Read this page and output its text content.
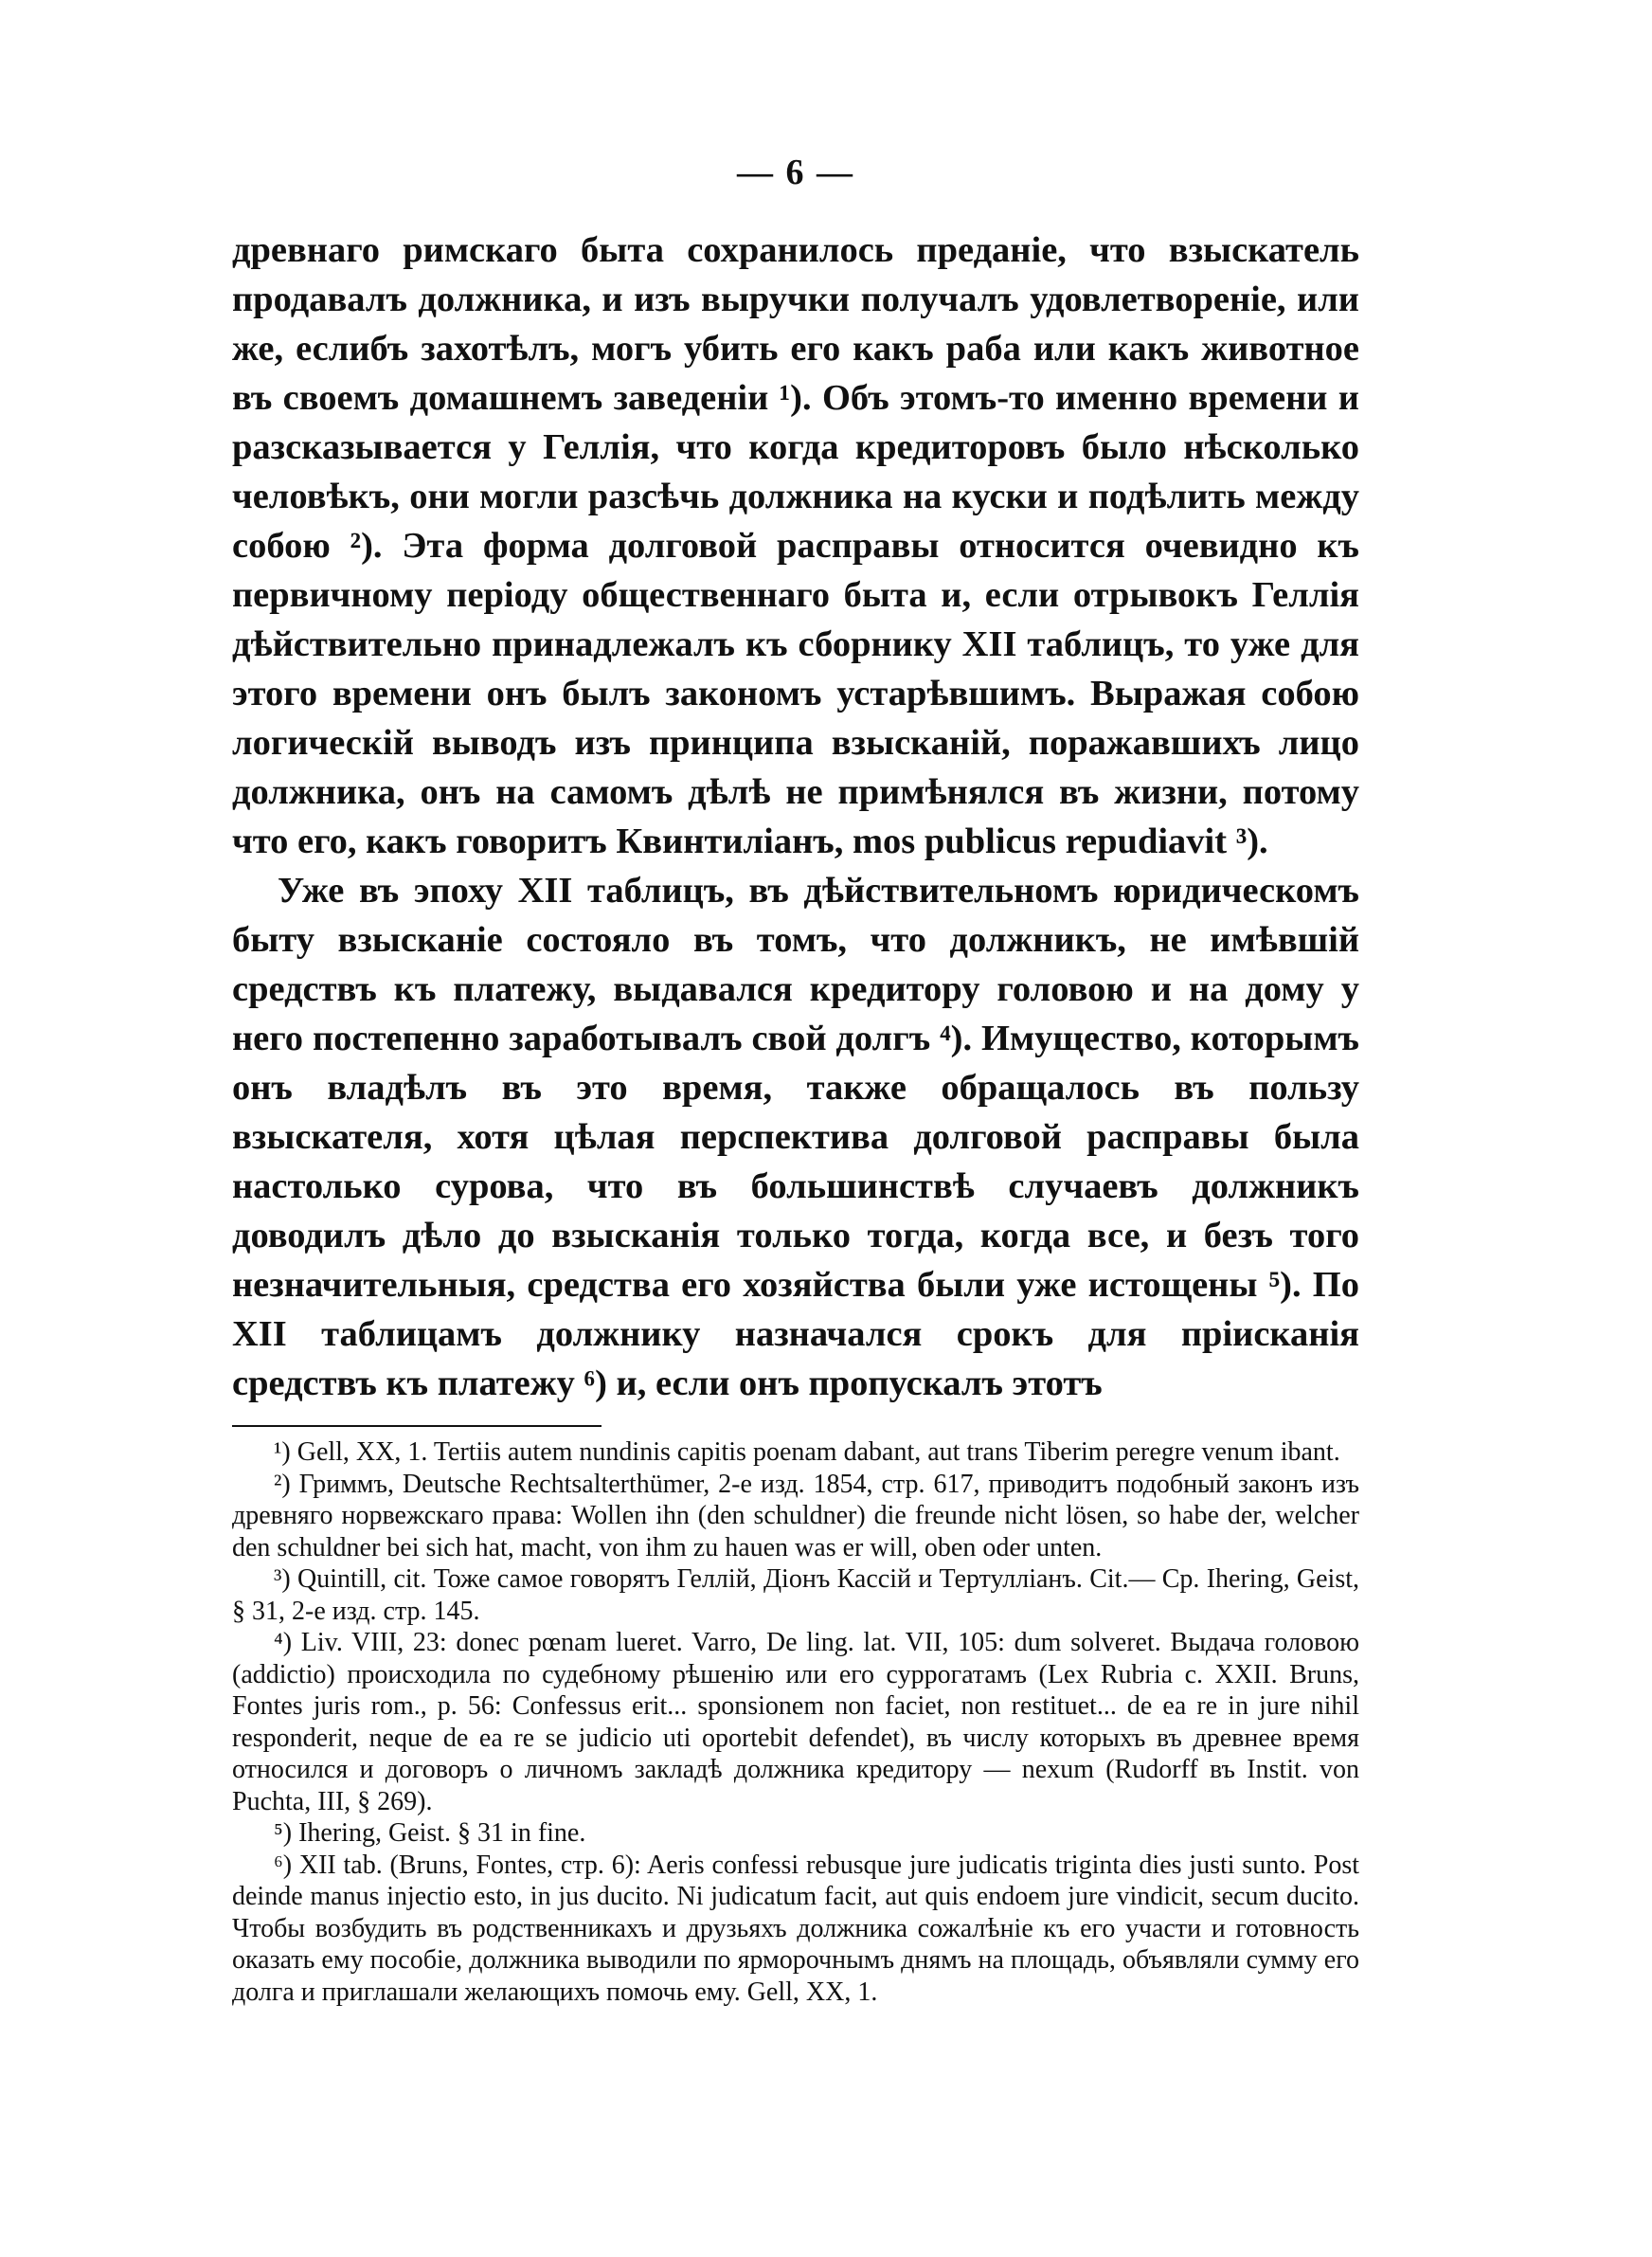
— 6 —

древнаго римскаго быта сохранилось преданіе, что взыскатель продавалъ должника, и изъ выручки получалъ удовлетвореніе, или же, еслибъ захотѣлъ, могъ убить его какъ раба или какъ животное въ своемъ домашнемъ заведеніи ¹). Объ этомъ-то именно времени и разсказывается у Геллія, что когда кредиторовъ было нѣсколько человѣкъ, они могли разсѣчь должника на куски и подѣлить между собою ²). Эта форма долговой расправы относится очевидно къ первичному періоду общественнаго быта и, если отрывокъ Геллія дѣйствительно принадлежалъ къ сборнику XII таблицъ, то уже для этого времени онъ былъ закономъ устарѣвшимъ. Выражая собою логическій выводъ изъ принципа взысканій, поражавшихъ лицо должника, онъ на самомъ дѣлѣ не примѣнялся въ жизни, потому что его, какъ говоритъ Квинтиліанъ, mos publicus repudiavit ³).

Уже въ эпоху XII таблицъ, въ дѣйствительномъ юридическомъ быту взысканіе состояло въ томъ, что должникъ, не имѣвшій средствъ къ платежу, выдавался кредитору головою и на дому у него постепенно заработывалъ свой долгъ ⁴). Имущество, которымъ онъ владѣлъ въ это время, также обращалось въ пользу взыскателя, хотя цѣлая перспектива долговой расправы была настолько сурова, что въ большинствѣ случаевъ должникъ доводилъ дѣло до взысканія только тогда, когда все, и безъ того незначительныя, средства его хозяйства были уже истощены ⁵). По XII таблицамъ должнику назначался срокъ для пріисканія средствъ къ платежу ⁶) и, если онъ пропускалъ этотъ

¹) Gell, XX, 1. Tertiis autem nundinis capitis poenam dabant, aut trans Tiberim peregre venum ibant.

²) Гриммъ, Deutsche Rechtsalterthümer, 2-е изд. 1854, стр. 617, приводитъ подобный законъ изъ древняго норвежскаго права: Wollen ihn (den schuldner) die freunde nicht lösen, so habe der, welcher den schuldner bei sich hat, macht, von ihm zu hauen was er will, oben oder unten.

³) Quintill, cit. Тоже самое говорятъ Геллій, Діонъ Кассій и Тертулліанъ. Cit.— Cp. Ihering, Geist, § 31, 2-е изд. стр. 145.

⁴) Liv. VIII, 23: donec pœnam lueret. Varro, De ling. lat. VII, 105: dum solveret. Выдача головою (addictio) происходила по судебному рѣшенію или его суррогатамъ (Lex Rubria c. XXII. Bruns, Fontes juris rom., p. 56: Confessus erit... sponsionem non faciet, non restituet... de ea re in jure nihil responderit, neque de ea re se judicio uti oportebit defendet), въ числу которыхъ въ древнее время относился и договоръ о личномъ закладѣ должника кредитору — nexum (Rudorff въ Instit. von Puchta, III, § 269).

⁵) Ihering, Geist. § 31 in fine.

⁶) XII tab. (Bruns, Fontes, стр. 6): Aeris confessi rebusque jure judicatis triginta dies justi sunto. Post deinde manus injectio esto, in jus ducito. Ni judicatum facit, aut quis endoem jure vindicit, secum ducito. Чтобы возбудить въ родственникахъ и друзьяхъ должника сожалѣніе къ его участи и готовность оказать ему пособіе, должника выводили по ярморочнымъ днямъ на площадь, объявляли сумму его долга и приглашали желающихъ помочь ему. Gell, XX, 1.
